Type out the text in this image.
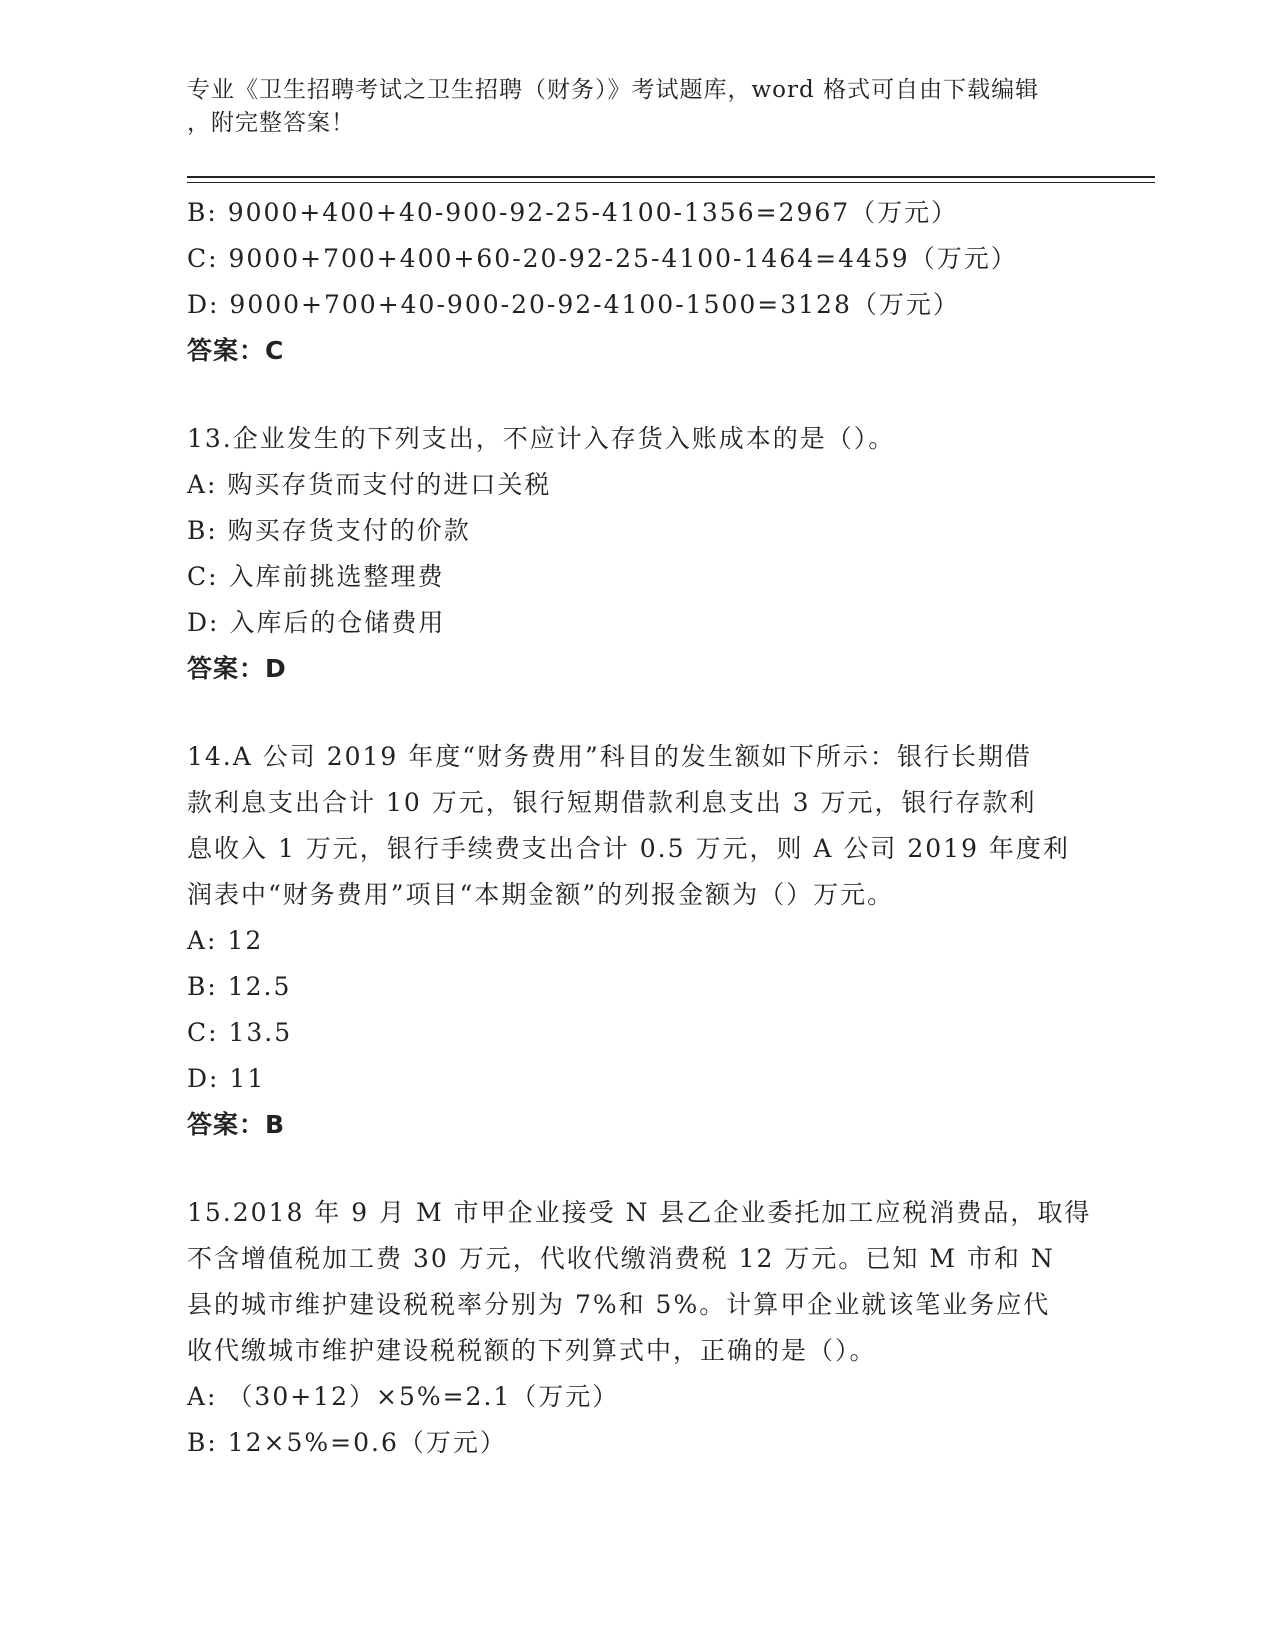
专业《卫生招聘考试之卫生招聘（财务）》考试题库，word 格式可自由下载编辑
，附完整答案！
B: 9000+400+40-900-92-25-4100-1356=2967（万元）
C: 9000+700+400+60-20-92-25-4100-1464=4459（万元）
D: 9000+700+40-900-20-92-4100-1500=3128（万元）
答案：C
13.企业发生的下列支出，不应计入存货入账成本的是（）。
A: 购买存货而支付的进口关税
B: 购买存货支付的价款
C: 入库前挑选整理费
D: 入库后的仓储费用
答案：D
14.A 公司 2019 年度“财务费用”科目的发生额如下所示：银行长期借
款利息支出合计 10 万元，银行短期借款利息支出 3 万元，银行存款利
息收入 1 万元，银行手续费支出合计 0.5 万元，则 A 公司 2019 年度利
润表中“财务费用”项目“本期金额”的列报金额为（）万元。
A: 12
B: 12.5
C: 13.5
D: 11
答案：B
15.2018 年 9 月 M 市甲企业接受 N 县乙企业委托加工应税消费品，取得
不含增值税加工费 30 万元，代收代缴消费税 12 万元。已知 M 市和 N
县的城市维护建设税税率分别为 7%和 5%。计算甲企业就该笔业务应代
收代缴城市维护建设税税额的下列算式中，正确的是（）。
A: （30+12）×5%=2.1（万元）
B: 12×5%=0.6（万元）
